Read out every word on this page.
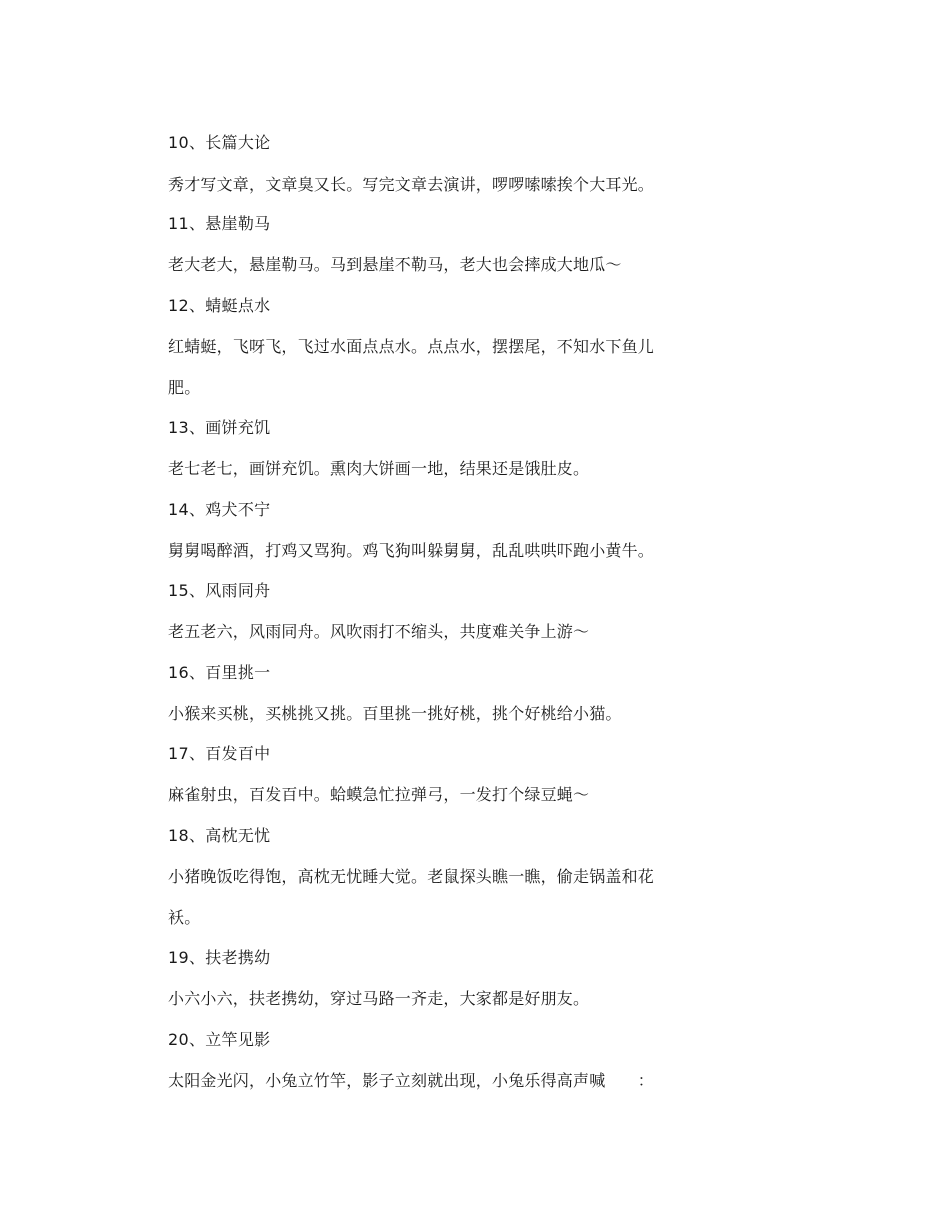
10、长篇大论
秀才写文章，文章臭又长。写完文章去演讲，啰啰嗦嗦挨个大耳光。
11、悬崖勒马
老大老大，悬崖勒马。马到悬崖不勒马，老大也会摔成大地瓜～
12、蜻蜓点水
红蜻蜓，飞呀飞，飞过水面点点水。点点水，摆摆尾，不知水下鱼儿
肥。
13、画饼充饥
老七老七，画饼充饥。熏肉大饼画一地，结果还是饿肚皮。
14、鸡犬不宁
舅舅喝醉酒，打鸡又骂狗。鸡飞狗叫躲舅舅，乱乱哄哄吓跑小黄牛。
15、风雨同舟
老五老六，风雨同舟。风吹雨打不缩头，共度难关争上游～
16、百里挑一
小猴来买桃，买桃挑又挑。百里挑一挑好桃，挑个好桃给小猫。
17、百发百中
麻雀射虫，百发百中。蛤蟆急忙拉弹弓，一发打个绿豆蝇～
18、高枕无忧
小猪晚饭吃得饱，高枕无忧睡大觉。老鼠探头瞧一瞧，偷走锅盖和花
袄。
19、扶老携幼
小六小六，扶老携幼，穿过马路一齐走，大家都是好朋友。
20、立竿见影
太阳金光闪，小兔立竹竿，影子立刻就出现，小兔乐得高声喊　　：
